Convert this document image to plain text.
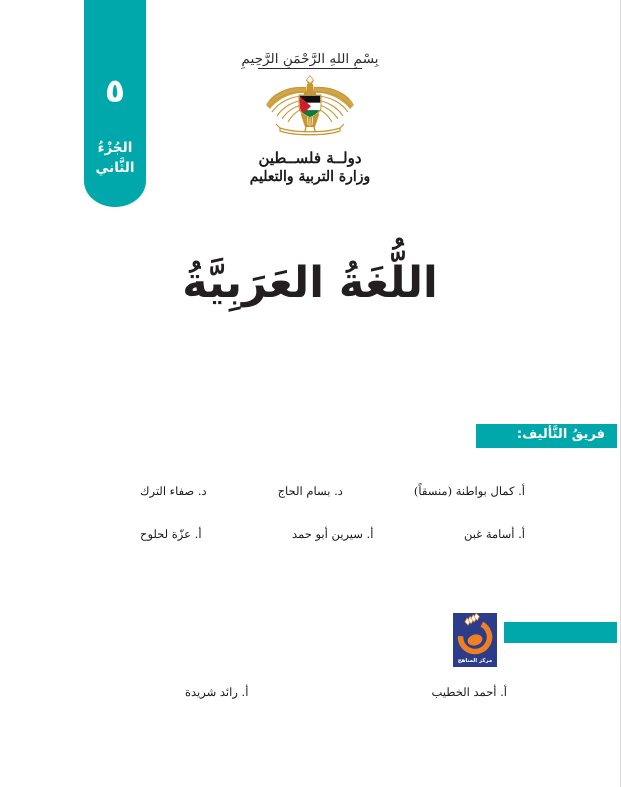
٥
الجُزْءُ
الثَّاني
بِسْمِ اللهِ الرَّحْمَنِ الرَّحِيمِ
دولــة فلســطين
وزارة التربية والتعليم
اللُّغَةُ العَرَبِيَّةُ
فريقُ التَّأليف:
أ. كمال بواطنة (منسقاً)
د. بسام الحاج
د. صفاء الترك
أ. أسامة غبن
أ. سيرين أبو حمد
أ. عزّة لحلوح
أ. أحمد الخطيب
أ. رائد شريدة
مركز المناهج
